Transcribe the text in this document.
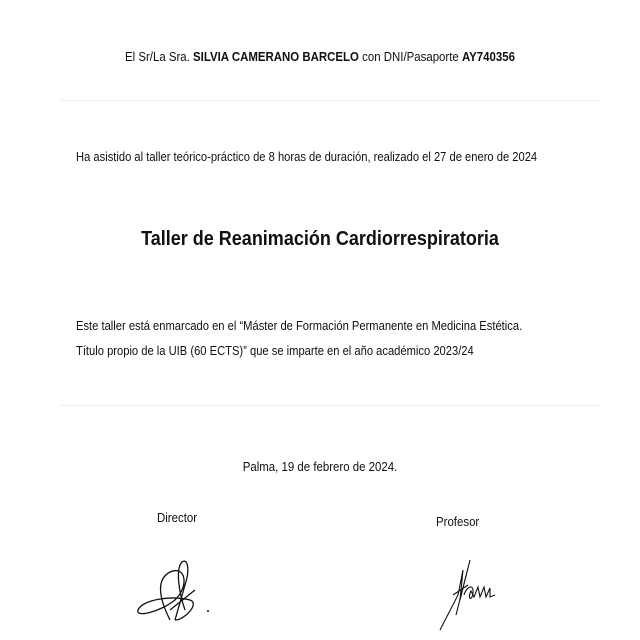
El Sr/La Sra. SILVIA CAMERANO BARCELO con DNI/Pasaporte AY740356
Ha asistido al taller teórico-práctico de 8 horas de duración, realizado el 27 de enero de 2024
Taller de Reanimación Cardiorrespiratoria
Este taller está enmarcado en el “Máster de Formación Permanente en Medicina Estética.
Título propio de la UIB (60 ECTS)” que se imparte en el año académico 2023/24
Palma, 19 de febrero de 2024.
Director	Profesor
